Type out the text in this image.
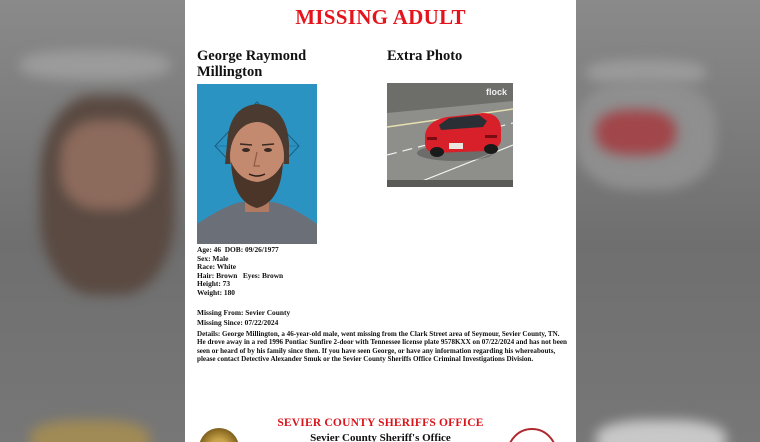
MISSING ADULT
George Raymond
Millington
Extra Photo
flock
Age: 46 DOB: 09/26/1977
Sex: Male
Race: White
Hair: Brown Eyes: Brown
Height: 73
Weight: 180
Missing From: Sevier County
Missing Since: 07/22/2024
Details: George Millington, a 46-year-old male, went missing from the Clark Street area of Seymour, Sevier County, TN. He drove away in a red 1996 Pontiac Sunfire 2-door with Tennessee license plate 9578KXX on 07/22/2024 and has not been seen or heard of by his family since then. If you have seen George, or have any information regarding his whereabouts, please contact Detective Alexander Smuk or the Sevier County Sheriffs Office Criminal Investigations Division.
SEVIER COUNTY SHERIFFS OFFICE
Sevier County Sheriff's Office
